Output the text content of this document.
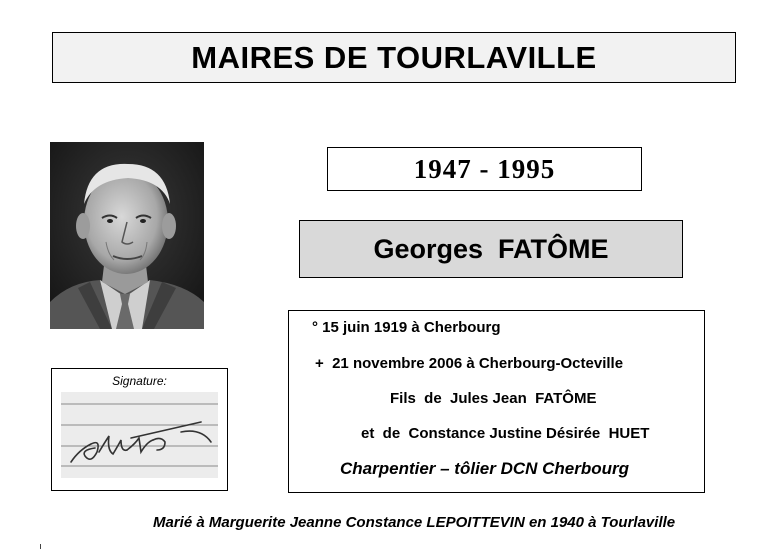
MAIRES DE TOURLAVILLE
1947 - 1995
Georges  FATÔME
Signature:
° 15 juin 1919 à Cherbourg
+  21 novembre 2006 à Cherbourg-Octeville
Fils  de  Jules Jean  FATÔME
et  de  Constance Justine Désirée  HUET
Charpentier – tôlier DCN Cherbourg
Marié à Marguerite Jeanne Constance LEPOITTEVIN en 1940 à Tourlaville
